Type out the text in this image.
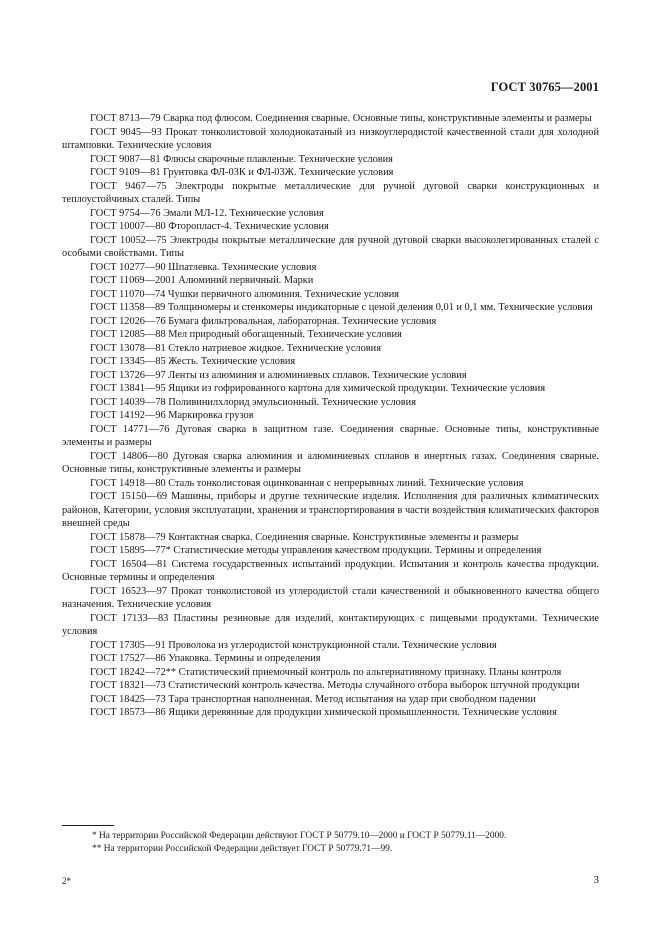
ГОСТ 30765—2001

ГОСТ 8713—79 Сварка под флюсом. Соединения сварные. Основные типы, конструктивные элементы и размеры

ГОСТ 9045—93 Прокат тонколистовой холоднокатаный из низкоуглеродистой качественной стали для холодной штамповки. Технические условия

ГОСТ 9087—81 Флюсы сварочные плавленые. Технические условия

ГОСТ 9109—81 Грунтовка ФЛ-03К и ФЛ-03Ж. Технические условия

ГОСТ 9467—75 Электроды покрытые металлические для ручной дуговой сварки конструкционных и теплоустойчивых сталей. Типы

ГОСТ 9754—76 Эмали МЛ-12. Технические условия

ГОСТ 10007—80 Фторопласт-4. Технические условия

ГОСТ 10052—75 Электроды покрытые металлические для ручной дуговой сварки высоколегированных сталей с особыми свойствами. Типы

ГОСТ 10277—90 Шпатлевка. Технические условия

ГОСТ 11069—2001 Алюминий первичный. Марки

ГОСТ 11070—74 Чушки первичного алюминия. Технические условия

ГОСТ 11358—89 Толщиномеры и стенкомеры индикаторные с ценой деления 0,01 и 0,1 мм. Технические условия

ГОСТ 12026—76 Бумага фильтровальная, лабораторная. Технические условия

ГОСТ 12085—88 Мел природный обогащенный. Технические условия

ГОСТ 13078—81 Стекло натриевое жидкое. Технические условия

ГОСТ 13345—85 Жесть. Технические условия

ГОСТ 13726—97 Ленты из алюминия и алюминиевых сплавов. Технические условия

ГОСТ 13841—95 Ящики из гофрированного картона для химической продукции. Технические условия

ГОСТ 14039—78 Поливинилхлорид эмульсионный. Технические условия

ГОСТ 14192—96 Маркировка грузов

ГОСТ 14771—76 Дуговая сварка в защитном газе. Соединения сварные. Основные типы, конструктивные элементы и размеры

ГОСТ 14806—80 Дуговая сварка алюминия и алюминиевых сплавов в инертных газах. Соединения сварные. Основные типы, конструктивные элементы и размеры

ГОСТ 14918—80 Сталь тонколистовая оцинкованная с непрерывных линий. Технические условия

ГОСТ 15150—69 Машины, приборы и другие технические изделия. Исполнения для различных климатических районов, Категории, условия эксплуатации, хранения и транспортирования в части воздействия климатических факторов внешней среды

ГОСТ 15878—79 Контактная сварка. Соединения сварные. Конструктивные элементы и размеры

ГОСТ 15895—77* Статистические методы управления качеством продукции. Термины и определения

ГОСТ 16504—81 Система государственных испытаний продукции. Испытания и контроль качества продукции. Основные термины и определения

ГОСТ 16523—97 Прокат тонколистовой из углеродистой стали качественной и обыкновенного качества общего назначения. Технические условия

ГОСТ 17133—83 Пластины резиновые для изделий, контактирующих с пищевыми продуктами. Технические условия

ГОСТ 17305—91 Проволока из углеродистой конструкционной стали. Технические условия

ГОСТ 17527—86 Упаковка. Термины и определения

ГОСТ 18242—72** Статистический приемочный контроль по альтернативному признаку. Планы контроля

ГОСТ 18321—73 Статистический контроль качества. Методы случайного отбора выборок штучной продукции

ГОСТ 18425—73 Тара транспортная наполненная. Метод испытания на удар при свободном падении

ГОСТ 18573—86 Ящики деревянные для продукции химической промышленности. Технические условия

* На территории Российской Федерации действуют ГОСТ Р 50779.10—2000 и ГОСТ Р 50779.11—2000.

** На территории Российской Федерации действует ГОСТ Р 50779.71—99.

2*	3
